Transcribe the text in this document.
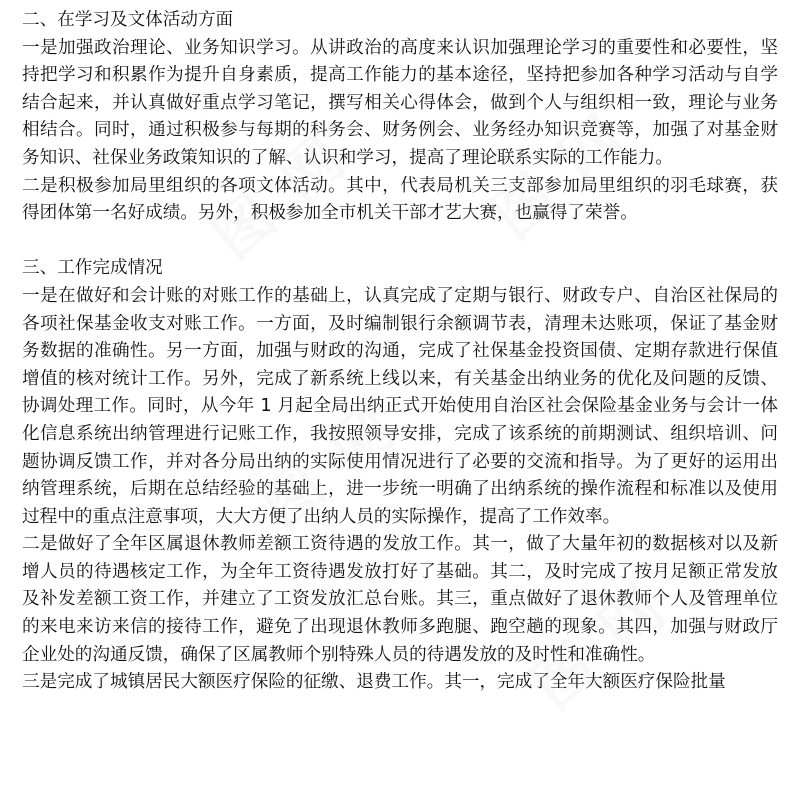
二、在学习及文体活动方面

一是加强政治理论、业务知识学习。从讲政治的高度来认识加强理论学习的重要性和必要性，坚持把学习和积累作为提升自身素质，提高工作能力的基本途径，坚持把参加各种学习活动与自学结合起来，并认真做好重点学习笔记，撰写相关心得体会，做到个人与组织相一致，理论与业务相结合。同时，通过积极参与每期的科务会、财务例会、业务经办知识竞赛等，加强了对基金财务知识、社保业务政策知识的了解、认识和学习，提高了理论联系实际的工作能力。

二是积极参加局里组织的各项文体活动。其中，代表局机关三支部参加局里组织的羽毛球赛，获得团体第一名好成绩。另外，积极参加全市机关干部才艺大赛，也赢得了荣誉。

三、工作完成情况

一是在做好和会计账的对账工作的基础上，认真完成了定期与银行、财政专户、自治区社保局的各项社保基金收支对账工作。一方面，及时编制银行余额调节表，清理未达账项，保证了基金财务数据的准确性。另一方面，加强与财政的沟通，完成了社保基金投资国债、定期存款进行保值增值的核对统计工作。另外，完成了新系统上线以来，有关基金出纳业务的优化及问题的反馈、协调处理工作。同时，从今年 1 月起全局出纳正式开始使用自治区社会保险基金业务与会计一体化信息系统出纳管理进行记账工作，我按照领导安排，完成了该系统的前期测试、组织培训、问题协调反馈工作，并对各分局出纳的实际使用情况进行了必要的交流和指导。为了更好的运用出纳管理系统，后期在总结经验的基础上，进一步统一明确了出纳系统的操作流程和标准以及使用过程中的重点注意事项，大大方便了出纳人员的实际操作，提高了工作效率。

二是做好了全年区属退休教师差额工资待遇的发放工作。其一，做了大量年初的数据核对以及新增人员的待遇核定工作，为全年工资待遇发放打好了基础。其二，及时完成了按月足额正常发放及补发差额工资工作，并建立了工资发放汇总台账。其三，重点做好了退休教师个人及管理单位的来电来访来信的接待工作，避免了出现退休教师多跑腿、跑空趟的现象。其四，加强与财政厅企业处的沟通反馈，确保了区属教师个别特殊人员的待遇发放的及时性和准确性。

三是完成了城镇居民大额医疗保险的征缴、退费工作。其一，完成了全年大额医疗保险批量

图 网 图 网
图 网
图 网
